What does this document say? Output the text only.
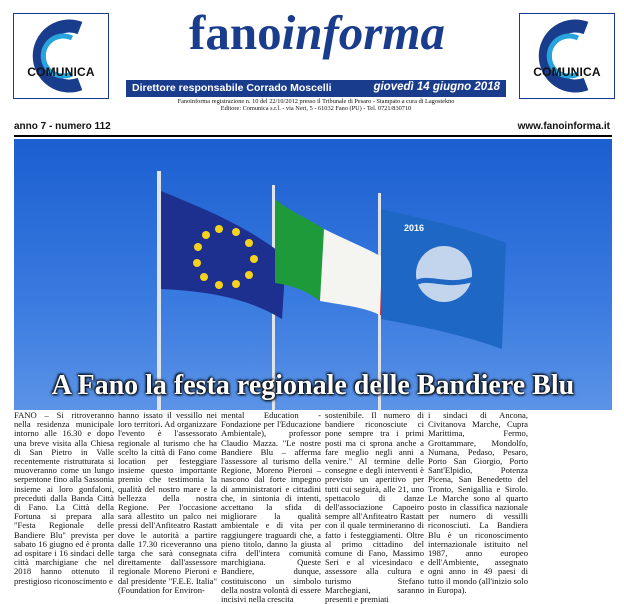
COMUNICA	COMUNICA
fanoinforma
Direttore responsabile Corrado Moscelli	giovedì 14 giugno 2018
Fanoinforma registrazione n. 10 del 22/10/2012 presso il Tribunale di Pesaro - Stampato a cura di Lagostekno
Editore: Comunica s.r.l. - via Neri, 5 - 61032 Fano (PU) - Tel. 0721/830710
anno 7 - numero 112	www.fanoinforma.it
2016
A Fano la festa regionale delle Bandiere Blu

FANO – Si ritroveranno nella residenza municipale intorno alle 16.30 e dopo una breve visita alla Chiesa di San Pietro in Valle recentemente ristrutturata si muoveranno come un lungo serpentone fino alla Sassonia insieme ai loro gonfaloni, preceduti dalla Banda Città di Fano. La Città della Fortuna si prepara alla "Festa Regionale delle Bandiere Blu" prevista per sabato 16 giugno ed è pronta ad ospitare i 16 sindaci delle città marchigiane che nel 2018 hanno ottenuto il prestigioso riconoscimento e

hanno issato il vessillo nei loro territori. Ad organizzare l'evento è l'assessorato regionale al turismo che ha scelto la città di Fano come location per festeggiare insieme questo importante premio che testimonia la qualità del nostro mare e la bellezza della nostra Regione. Per l'occasione sarà allestito un palco nei pressi dell'Anfiteatro Rastatt dove le autorità a partire dalle 17.30 riceveranno una targa che sarà consegnata direttamente dall'assessore regionale Moreno Pieroni e dal presidente "F.E.E. Italia" (Foundation for Environ-

mental Education - Fondazione per l'Educazione Ambientale), professor Claudio Mazza. "Le nostre Bandiere Blu – afferma l'assessore al turismo della Regione, Moreno Pieroni – nascono dal forte impegno di amministratori e cittadini che, in sintonia di intenti, accettano la sfida di migliorare la qualità ambientale e di vita per raggiungere traguardi che, a pieno titolo, danno la giusta cifra dell'intera comunità marchigiana. Queste Bandiere, dunque, costituiscono un simbolo della nostra volontà di essere incisivi nella crescita

sostenibile. Il numero di bandiere riconosciute ci pone sempre tra i primi posti ma ci sprona anche a fare meglio negli anni a venire." Al termine delle consegne e degli interventi è previsto un aperitivo per tutti cui seguirà, alle 21, uno spettacolo di danze dell'associazione Capoeiro sempre all'Anfiteatro Rastatt con il quale termineranno di fatto i festeggiamenti. Oltre al primo cittadino del comune di Fano, Massimo Seri e al vicesindaco e assessore alla cultura e turismo Stefano Marchegiani, saranno presenti e premiati

i sindaci di Ancona, Civitanova Marche, Cupra Marittima, Fermo, Grottammare, Mondolfo, Numana, Pedaso, Pesaro, Porto San Giorgio, Porto Sant'Elpidio, Potenza Picena, San Benedetto del Tronto, Senigallia e Sirolo. Le Marche sono al quarto posto in classifica nazionale per numero di vessilli riconosciuti. La Bandiera Blu è un riconoscimento internazionale istituito nel 1987, anno europeo dell'Ambiente, assegnato ogni anno in 49 paesi di tutto il mondo (all'inizio solo in Europa).
